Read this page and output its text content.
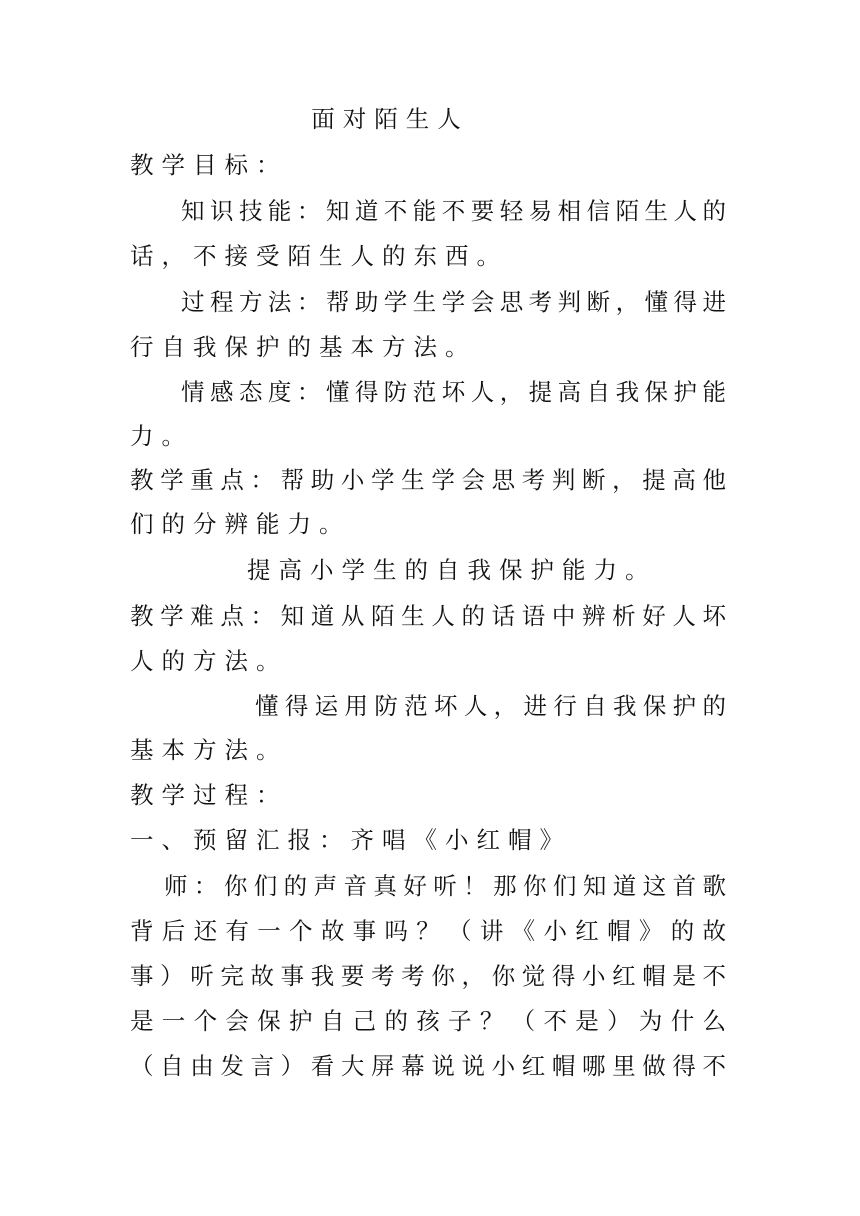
面对陌生人
教学目标：
知识技能：知道不能不要轻易相信陌生人的
话，不接受陌生人的东西。
过程方法：帮助学生学会思考判断，懂得进
行自我保护的基本方法。
情感态度：懂得防范坏人，提高自我保护能
力。
教学重点：帮助小学生学会思考判断，提高他
们的分辨能力。
提高小学生的自我保护能力。
教学难点：知道从陌生人的话语中辨析好人坏
人的方法。
懂得运用防范坏人，进行自我保护的
基本方法。
教学过程：
一、预留汇报：齐唱《小红帽》
师：你们的声音真好听！那你们知道这首歌
背后还有一个故事吗？（讲《小红帽》的故
事）听完故事我要考考你，你觉得小红帽是不
是一个会保护自己的孩子？（不是）为什么
（自由发言）看大屏幕说说小红帽哪里做得不
